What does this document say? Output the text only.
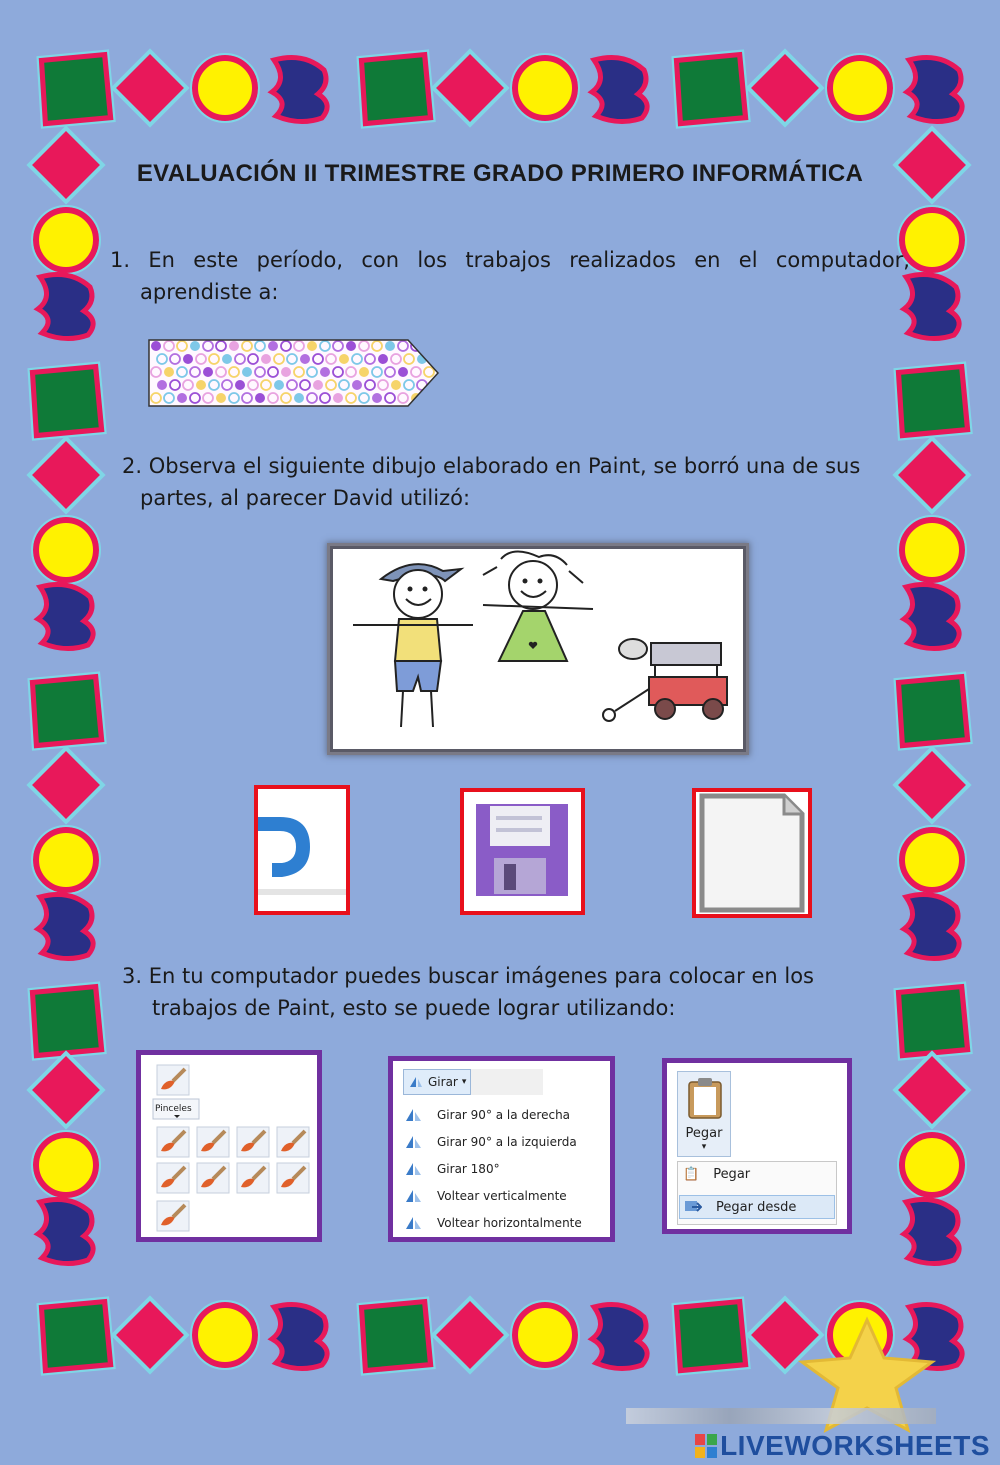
EVALUACIÓN II TRIMESTRE GRADO PRIMERO INFORMÁTICA
1. En este período, con los trabajos realizados en el computador,
aprendiste a:
2. Observa el siguiente dibujo elaborado en Paint, se borró una de sus
partes, al parecer David utilizó:
3. En tu computador puedes buscar imágenes para colocar en los
trabajos de Paint, esto se puede lograr utilizando:
Pinceles
Girar ▾
Girar 90° a la derecha
Girar 90° a la izquierda
Girar 180°
Voltear verticalmente
Voltear horizontalmente
Pegar
▾
📋 Pegar
Pegar desde
LIVEWORKSHEETS
